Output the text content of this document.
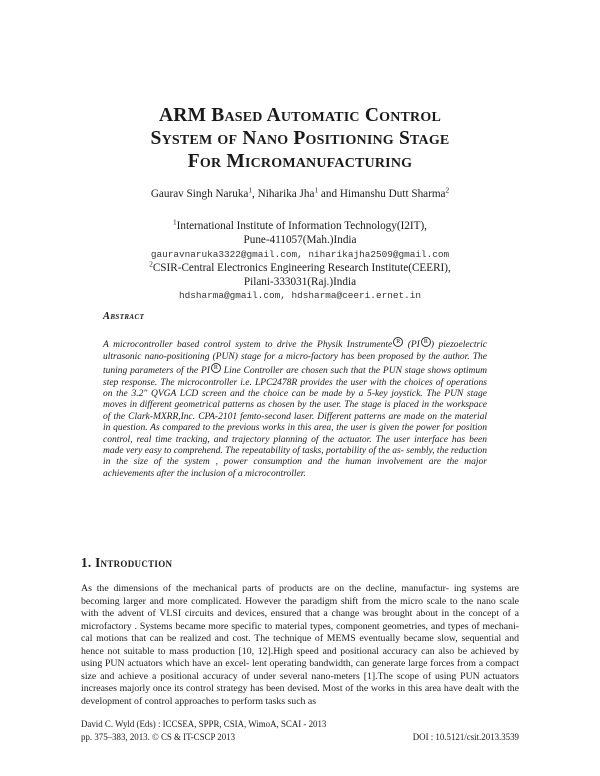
ARM Based Automatic Control
System of Nano Positioning Stage
For Micromanufacturing
Gaurav Singh Naruka$^1$, Niharika Jha$^1$ and Himanshu Dutt Sharma$^2$
$^1$International Institute of Information Technology(I2IT),
Pune-411057(Mah.)India
gauravnaruka3322@gmail.com, niharikajha2509@gmail.com
$^2$CSIR-Central Electronics Engineering Research Institute(CEERI),
Pilani-333031(Raj.)India
hdsharma@gmail.com, hdsharma@ceeri.ernet.in
Abstract
A microcontroller based control system to drive the Physik Instrumente R (PI R ) piezoelectric ultrasonic nano-positioning (PUN) stage for a micro-factory has been proposed by the author. The tuning parameters of the PI R Line Controller are chosen such that the PUN stage shows optimum step response. The microcontroller i.e. LPC2478R provides the user with the choices of operations on the 3.2" QVGA LCD screen and the choice can be made by a 5-key joystick. The PUN stage moves in different geometrical patterns as chosen by the user. The stage is placed in the workspace of the Clark-MXRR,Inc. CPA-2101 femto-second laser. Different patterns are made on the material in question. As compared to the previous works in this area, the user is given the power for position control, real time tracking, and trajectory planning of the actuator. The user interface has been made very easy to comprehend. The repeatability of tasks, portability of the as- sembly, the reduction in the size of the system , power consumption and the human involvement are the major achievements after the inclusion of a microcontroller.
1. Introduction
As the dimensions of the mechanical parts of products are on the decline, manufactur- ing systems are becoming larger and more complicated. However the paradigm shift from the micro scale to the nano scale with the advent of VLSI circuits and devices, ensured that a change was brought about in the concept of a microfactory . Systems became more specific to material types, component geometries, and types of mechani- cal motions that can be realized and cost. The technique of MEMS eventually became slow, sequential and hence not suitable to mass production [10, 12].High speed and positional accuracy can also be achieved by using PUN actuators which have an excel- lent operating bandwidth, can generate large forces from a compact size and achieve a positional accuracy of under several nano-meters [1].The scope of using PUN actuators increases majorly once its control strategy has been devised. Most of the works in this area have dealt with the development of control approaches to perform tasks such as
David C. Wyld (Eds) : ICCSEA, SPPR, CSIA, WimoA, SCAI - 2013
pp. 375–383, 2013. © CS & IT-CSCP 2013	DOI : 10.5121/csit.2013.3539
